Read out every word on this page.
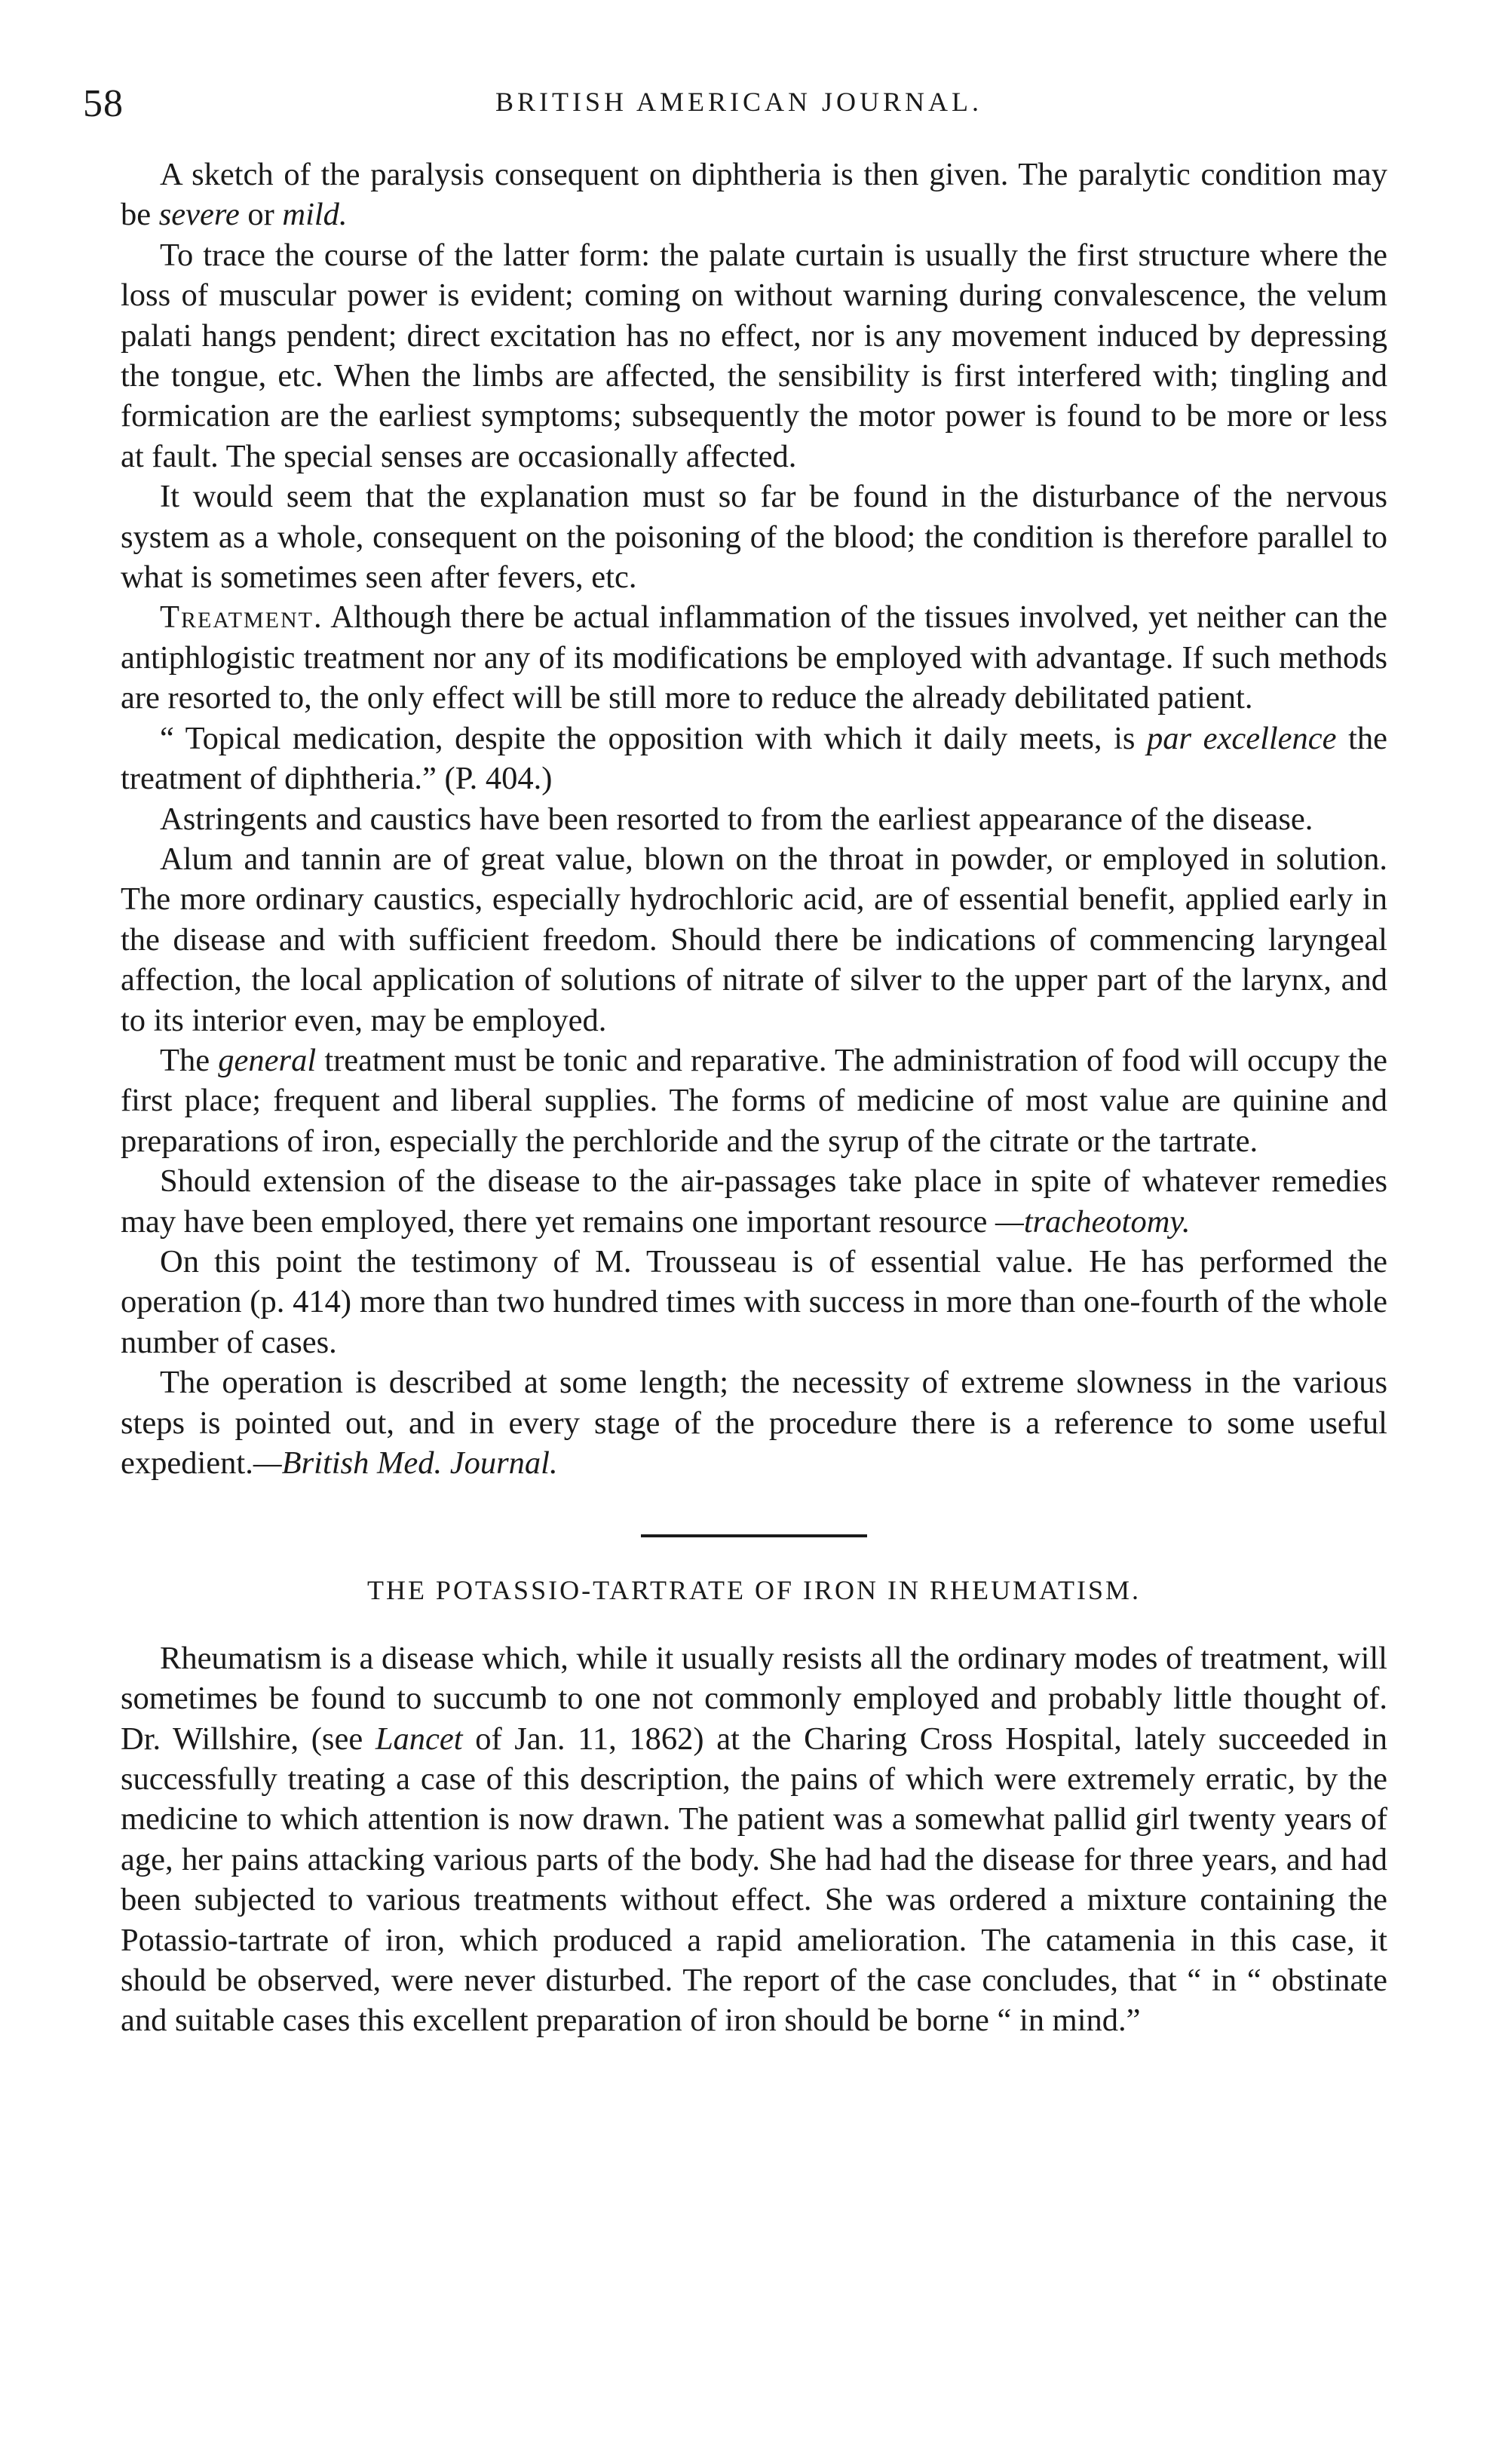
58	BRITISH AMERICAN JOURNAL.

A sketch of the paralysis consequent on diphtheria is then given. The paralytic condition may be severe or mild.

To trace the course of the latter form: the palate curtain is usually the first structure where the loss of muscular power is evident; coming on without warning during convalescence, the velum palati hangs pendent; direct excitation has no effect, nor is any movement induced by depressing the tongue, etc. When the limbs are affected, the sensibility is first interfered with; tingling and formication are the earliest symptoms; subsequently the motor power is found to be more or less at fault. The special senses are occasionally affected.

It would seem that the explanation must so far be found in the disturbance of the nervous system as a whole, consequent on the poisoning of the blood; the condition is therefore parallel to what is sometimes seen after fevers, etc.

Treatment. Although there be actual inflammation of the tissues involved, yet neither can the antiphlogistic treatment nor any of its modifications be employed with advantage. If such methods are resorted to, the only effect will be still more to reduce the already debilitated patient.

“ Topical medication, despite the opposition with which it daily meets, is par excellence the treatment of diphtheria.” (P. 404.)

Astringents and caustics have been resorted to from the earliest appearance of the disease.

Alum and tannin are of great value, blown on the throat in powder, or employed in solution. The more ordinary caustics, especially hydrochloric acid, are of essential benefit, applied early in the disease and with sufficient freedom. Should there be indications of commencing laryngeal affection, the local application of solutions of nitrate of silver to the upper part of the larynx, and to its interior even, may be employed.

The general treatment must be tonic and reparative. The administration of food will occupy the first place; frequent and liberal supplies. The forms of medicine of most value are quinine and preparations of iron, especially the perchloride and the syrup of the citrate or the tartrate.

Should extension of the disease to the air-passages take place in spite of whatever remedies may have been employed, there yet remains one important resource —tracheotomy.

On this point the testimony of M. Trousseau is of essential value. He has performed the operation (p. 414) more than two hundred times with success in more than one-fourth of the whole number of cases.

The operation is described at some length; the necessity of extreme slowness in the various steps is pointed out, and in every stage of the procedure there is a reference to some useful expedient.—British Med. Journal.

THE POTASSIO-TARTRATE OF IRON IN RHEUMATISM.

Rheumatism is a disease which, while it usually resists all the ordinary modes of treatment, will sometimes be found to succumb to one not commonly employed and probably little thought of. Dr. Willshire, (see Lancet of Jan. 11, 1862) at the Charing Cross Hospital, lately succeeded in successfully treating a case of this description, the pains of which were extremely erratic, by the medicine to which attention is now drawn. The patient was a somewhat pallid girl twenty years of age, her pains attacking various parts of the body. She had had the disease for three years, and had been subjected to various treatments without effect. She was ordered a mixture containing the Potassio-tartrate of iron, which produced a rapid amelioration. The catamenia in this case, it should be observed, were never disturbed. The report of the case concludes, that “ in “ obstinate and suitable cases this excellent preparation of iron should be borne “ in mind.”
